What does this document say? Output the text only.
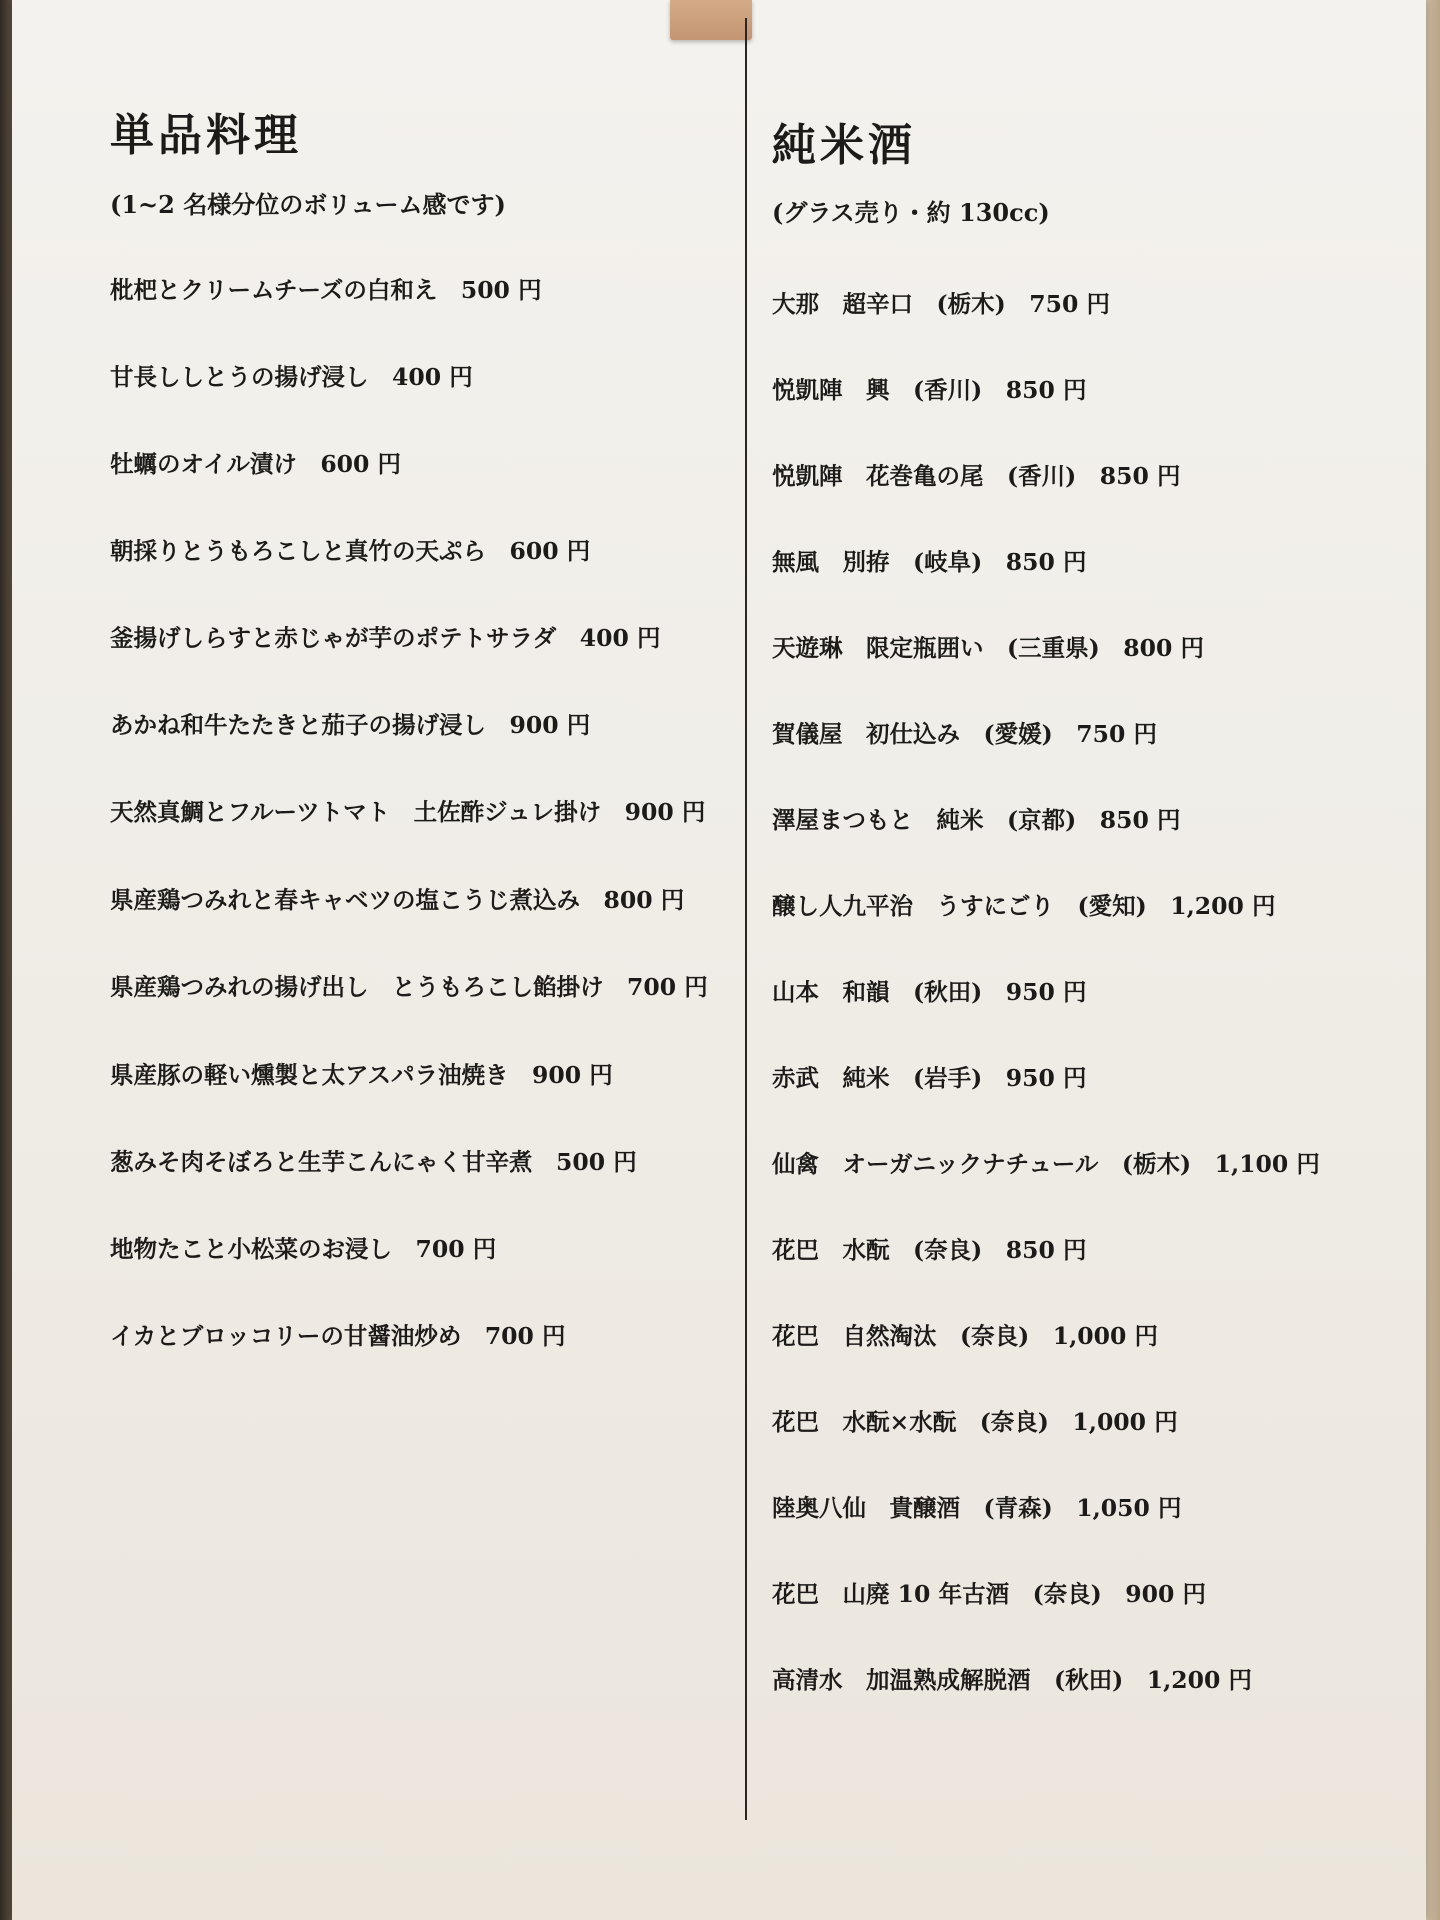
単品料理

(1~2 名様分位のボリューム感です)

枇杷とクリームチーズの白和え　500 円
甘長ししとうの揚げ浸し　400 円
牡蠣のオイル漬け　600 円
朝採りとうもろこしと真竹の天ぷら　600 円
釜揚げしらすと赤じゃが芋のポテトサラダ　400 円
あかね和牛たたきと茄子の揚げ浸し　900 円
天然真鯛とフルーツトマト　土佐酢ジュレ掛け　900 円
県産鶏つみれと春キャベツの塩こうじ煮込み　800 円
県産鶏つみれの揚げ出し　とうもろこし餡掛け　700 円
県産豚の軽い燻製と太アスパラ油焼き　900 円
葱みそ肉そぼろと生芋こんにゃく甘辛煮　500 円
地物たこと小松菜のお浸し　700 円
イカとブロッコリーの甘醤油炒め　700 円
純米酒

(グラス売り・約 130cc)

大那　超辛口　(栃木)　750 円
悦凱陣　興　(香川)　850 円
悦凱陣　花巻亀の尾　(香川)　850 円
無風　別拵　(岐阜)　850 円
天遊琳　限定瓶囲い　(三重県)　800 円
賀儀屋　初仕込み　(愛媛)　750 円
澤屋まつもと　純米　(京都)　850 円
醸し人九平治　うすにごり　(愛知)　1,200 円
山本　和韻　(秋田)　950 円
赤武　純米　(岩手)　950 円
仙禽　オーガニックナチュール　(栃木)　1,100 円
花巴　水酛　(奈良)　850 円
花巴　自然淘汰　(奈良)　1,000 円
花巴　水酛×水酛　(奈良)　1,000 円
陸奥八仙　貴醸酒　(青森)　1,050 円
花巴　山廃 10 年古酒　(奈良)　900 円
高清水　加温熟成解脱酒　(秋田)　1,200 円
